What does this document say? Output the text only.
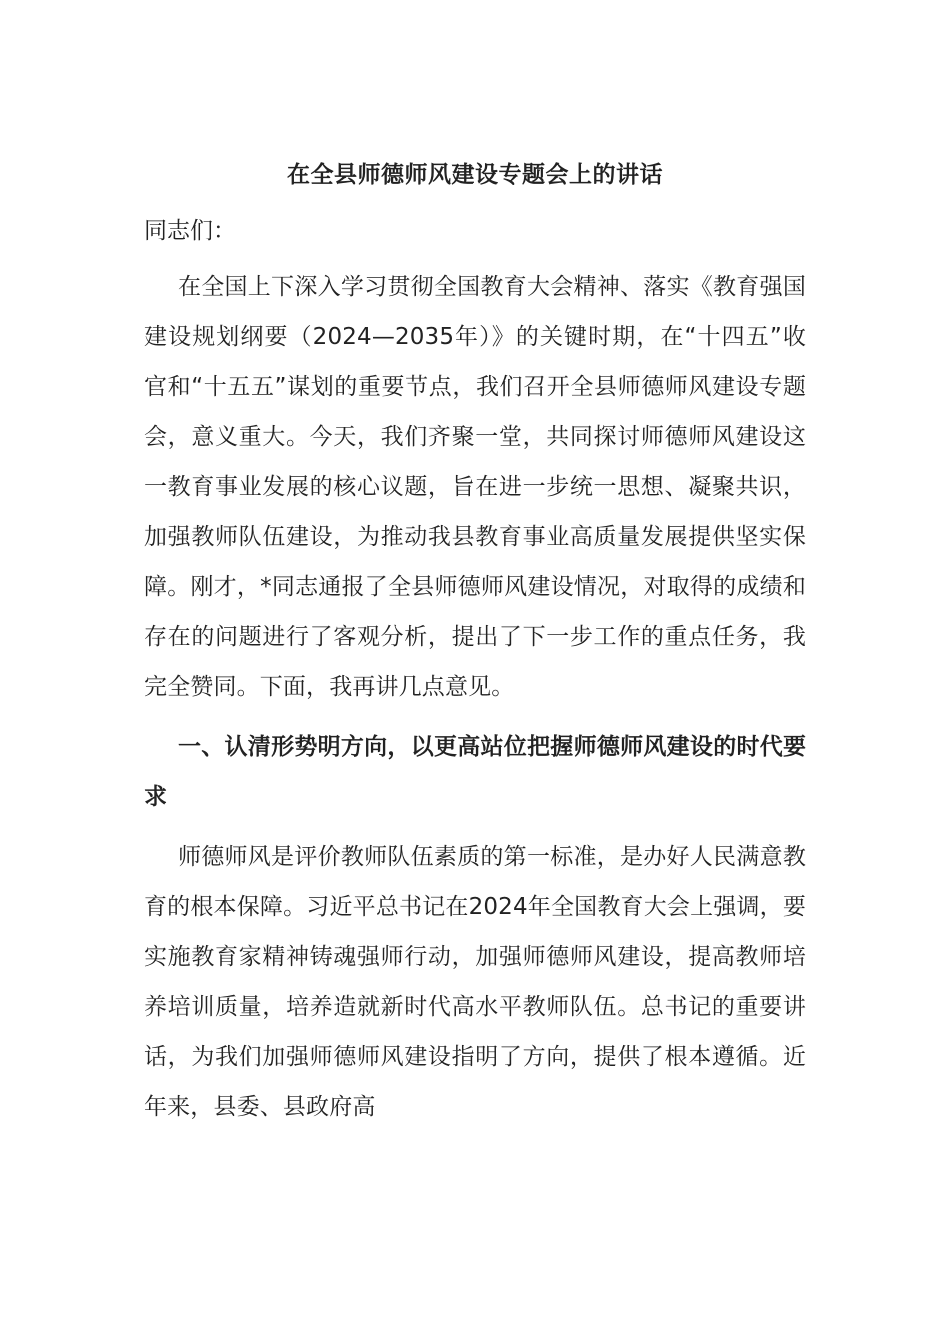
在全县师德师风建设专题会上的讲话

同志们：

在全国上下深入学习贯彻全国教育大会精神、落实《教育强国建设规划纲要（2024—2035年）》的关键时期，在“十四五”收官和“十五五”谋划的重要节点，我们召开全县师德师风建设专题会，意义重大。今天，我们齐聚一堂，共同探讨师德师风建设这一教育事业发展的核心议题，旨在进一步统一思想、凝聚共识，加强教师队伍建设，为推动我县教育事业高质量发展提供坚实保障。刚才，*同志通报了全县师德师风建设情况，对取得的成绩和存在的问题进行了客观分析，提出了下一步工作的重点任务，我完全赞同。下面，我再讲几点意见。

一、认清形势明方向，以更高站位把握师德师风建设的时代要求

师德师风是评价教师队伍素质的第一标准，是办好人民满意教育的根本保障。习近平总书记在2024年全国教育大会上强调，要实施教育家精神铸魂强师行动，加强师德师风建设，提高教师培养培训质量，培养造就新时代高水平教师队伍。总书记的重要讲话，为我们加强师德师风建设指明了方向，提供了根本遵循。近年来，县委、县政府高
